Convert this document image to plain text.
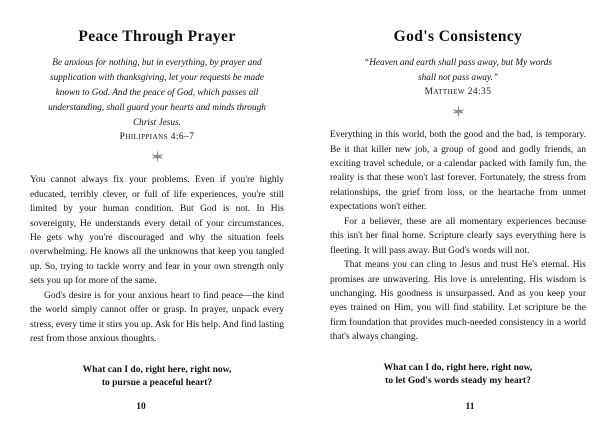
Peace Through Prayer
Be anxious for nothing, but in everything, by prayer and supplication with thanksgiving, let your requests be made known to God. And the peace of God, which passes all understanding, shall guard your hearts and minds through Christ Jesus.
Philippians 4:6–7

You cannot always fix your problems. Even if you're highly educated, terribly clever, or full of life experiences, you're still limited by your human condition. But God is not. In His sovereignty, He understands every detail of your circumstances. He gets why you're discouraged and why the situation feels overwhelming. He knows all the unknowns that keep you tangled up. So, trying to tackle worry and fear in your own strength only sets you up for more of the same.

God's desire is for your anxious heart to find peace—the kind the world simply cannot offer or grasp. In prayer, unpack every stress, every time it stirs you up. Ask for His help. And find lasting rest from those anxious thoughts.

What can I do, right here, right now,
to pursue a peaceful heart?
10
God's Consistency
“Heaven and earth shall pass away, but My words shall not pass away.”
Matthew 24:35

Everything in this world, both the good and the bad, is temporary. Be it that killer new job, a group of good and godly friends, an exciting travel schedule, or a calendar packed with family fun, the reality is that these won't last forever. Fortunately, the stress from relationships, the grief from loss, or the heartache from unmet expectations won't either.

For a believer, these are all momentary experiences because this isn't her final home. Scripture clearly says everything here is fleeting. It will pass away. But God's words will not.

That means you can cling to Jesus and trust He's eternal. His promises are unwavering. His love is unrelenting. His wisdom is unchanging. His goodness is unsurpassed. And as you keep your eyes trained on Him, you will find stability. Let scripture be the firm foundation that provides much-needed consistency in a world that's always changing.

What can I do, right here, right now,
to let God's words steady my heart?
11
